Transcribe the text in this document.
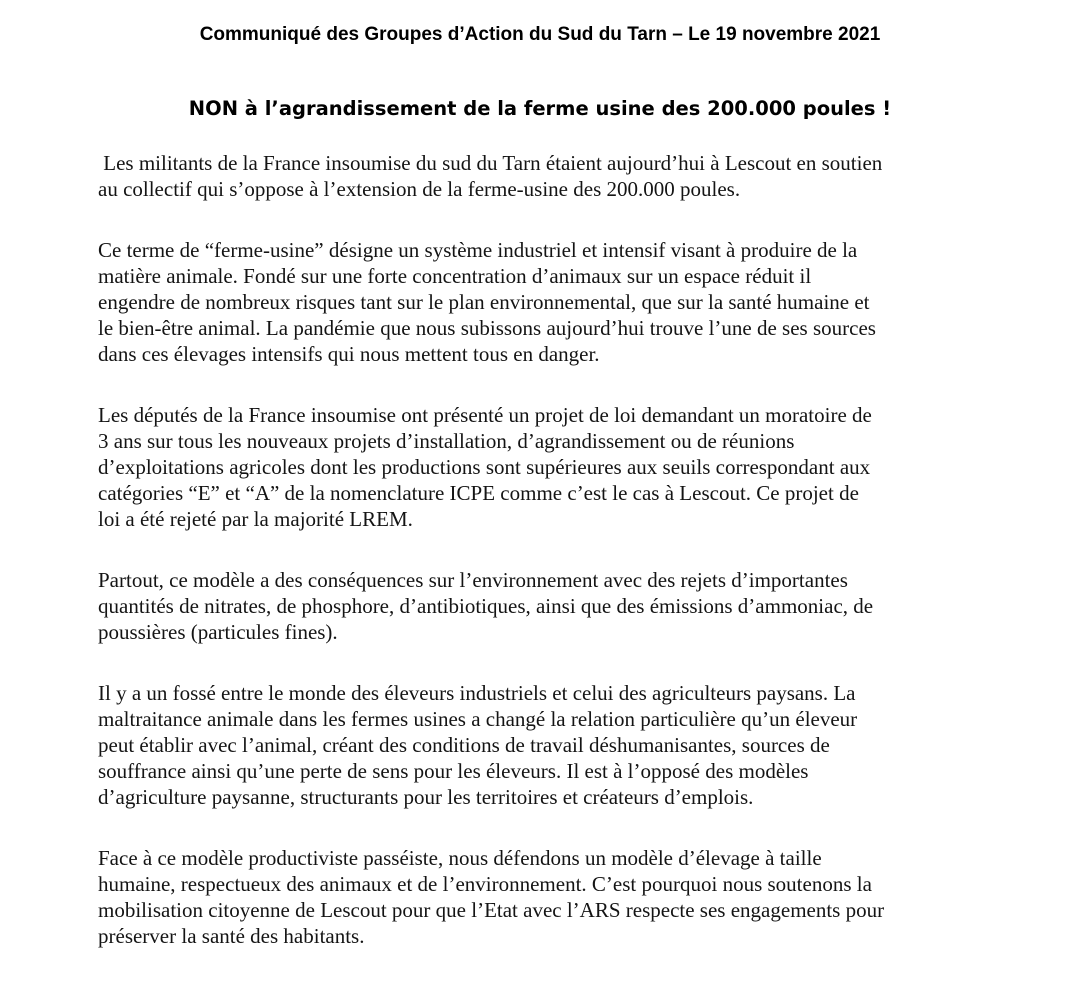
Communiqué des Groupes d’Action du Sud du Tarn – Le 19 novembre 2021
NON à l’agrandissement de la ferme usine des 200.000 poules !

Les militants de la France insoumise du sud du Tarn étaient aujourd’hui à Lescout en soutien
au collectif qui s’oppose à l’extension de la ferme-usine des 200.000 poules.

Ce terme de “ferme-usine” désigne un système industriel et intensif visant à produire de la
matière animale. Fondé sur une forte concentration d’animaux sur un espace réduit il
engendre de nombreux risques tant sur le plan environnemental, que sur la santé humaine et
le bien-être animal. La pandémie que nous subissons aujourd’hui trouve l’une de ses sources
dans ces élevages intensifs qui nous mettent tous en danger.

Les députés de la France insoumise ont présenté un projet de loi demandant un moratoire de
3 ans sur tous les nouveaux projets d’installation, d’agrandissement ou de réunions
d’exploitations agricoles dont les productions sont supérieures aux seuils correspondant aux
catégories “E” et “A” de la nomenclature ICPE comme c’est le cas à Lescout. Ce projet de
loi a été rejeté par la majorité LREM.

Partout, ce modèle a des conséquences sur l’environnement avec des rejets d’importantes
quantités de nitrates, de phosphore, d’antibiotiques, ainsi que des émissions d’ammoniac, de
poussières (particules fines).

Il y a un fossé entre le monde des éleveurs industriels et celui des agriculteurs paysans. La
maltraitance animale dans les fermes usines a changé la relation particulière qu’un éleveur
peut établir avec l’animal, créant des conditions de travail déshumanisantes, sources de
souffrance ainsi qu’une perte de sens pour les éleveurs. Il est à l’opposé des modèles
d’agriculture paysanne, structurants pour les territoires et créateurs d’emplois.

Face à ce modèle productiviste passéiste, nous défendons un modèle d’élevage à taille
humaine, respectueux des animaux et de l’environnement. C’est pourquoi nous soutenons la
mobilisation citoyenne de Lescout pour que l’Etat avec l’ARS respecte ses engagements pour
préserver la santé des habitants.
